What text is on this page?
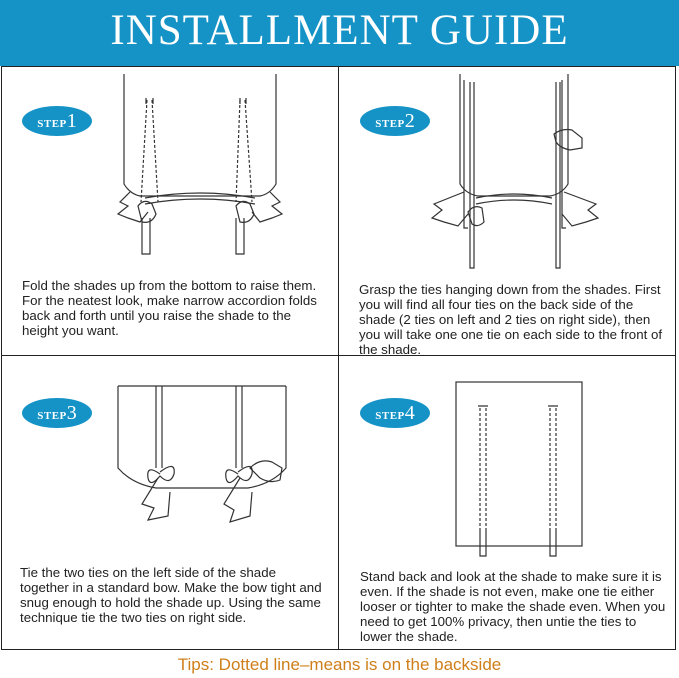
INSTALLMENT GUIDE
STEP1

Fold the shades up from the bottom to raise them. For the neatest look, make narrow accordion folds back and forth until you raise the shade to the height you want.

STEP2

Grasp the ties hanging down from the shades. First you will find all four ties on the back side of the shade (2 ties on left and 2 ties on right side), then you will take one one tie on each side to the front of the shade.

STEP3

Tie the two ties on the left side of the shade together in a standard bow. Make the bow tight and snug enough to hold the shade up. Using the same technique tie the two ties on right side.

STEP4

Stand back and look at the shade to make sure it is even. If the shade is not even, make one tie either looser or tighter to make the shade even. When you need to get 100% privacy, then untie the ties to lower the shade.

Tips: Dotted line–means is on the backside
